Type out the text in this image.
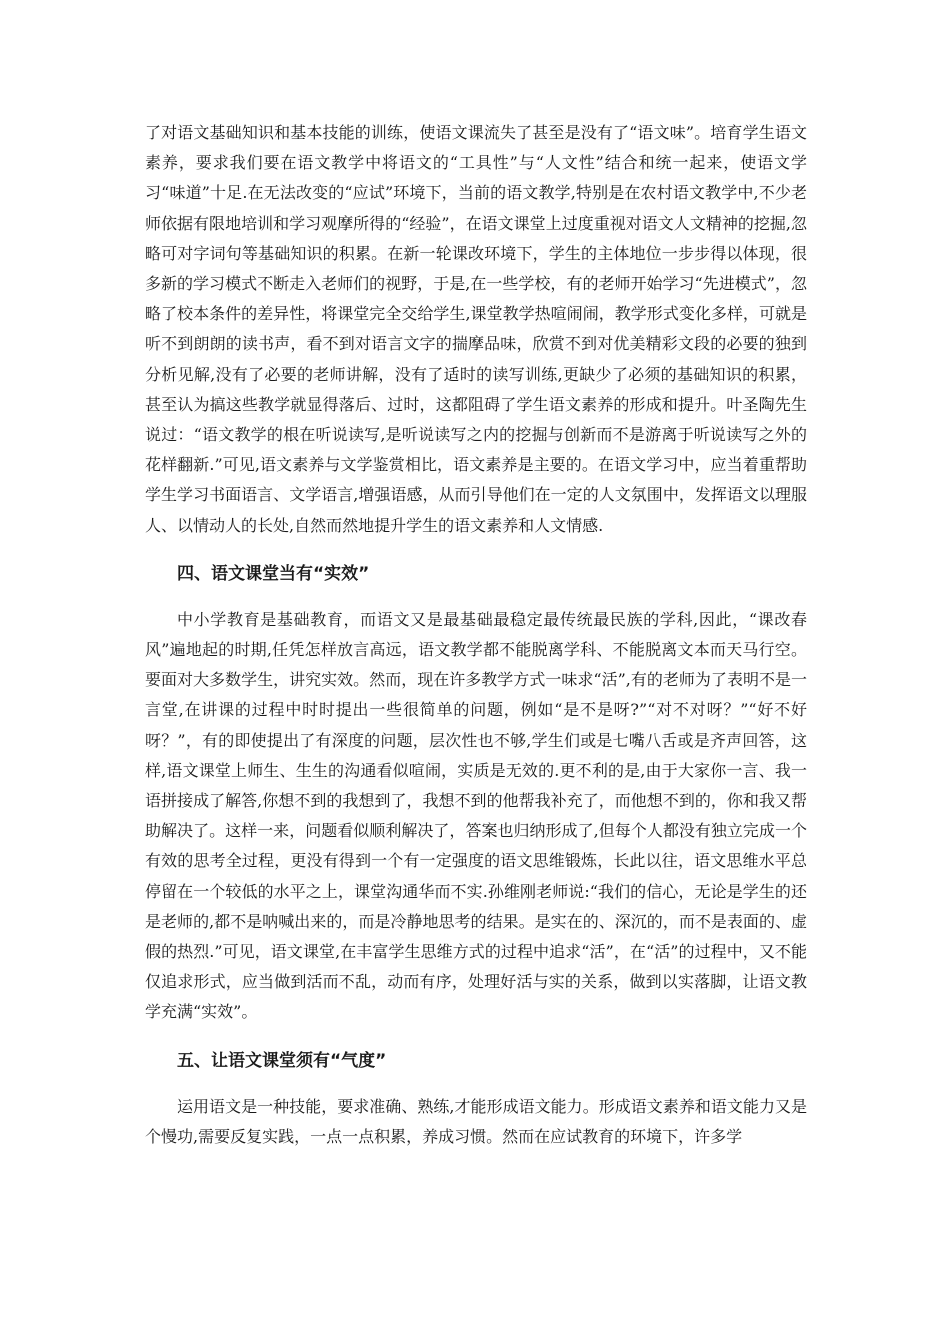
了对语文基础知识和基本技能的训练，使语文课流失了甚至是没有了“语文味”。培育学生语文素养，要求我们要在语文教学中将语文的“工具性”与“人文性”结合和统一起来，使语文学习“味道”十足.在无法改变的“应试”环境下，当前的语文教学,特别是在农村语文教学中,不少老师依据有限地培训和学习观摩所得的“经验”，在语文课堂上过度重视对语文人文精神的挖掘,忽略可对字词句等基础知识的积累。在新一轮课改环境下，学生的主体地位一步步得以体现，很多新的学习模式不断走入老师们的视野，于是,在一些学校，有的老师开始学习“先进模式”，忽略了校本条件的差异性，将课堂完全交给学生,课堂教学热喧闹闹，教学形式变化多样，可就是听不到朗朗的读书声，看不到对语言文字的揣摩品味，欣赏不到对优美精彩文段的必要的独到分析见解,没有了必要的老师讲解，没有了适时的读写训练,更缺少了必须的基础知识的积累，甚至认为搞这些教学就显得落后、过时，这都阻碍了学生语文素养的形成和提升。叶圣陶先生说过：“语文教学的根在听说读写,是听说读写之内的挖掘与创新而不是游离于听说读写之外的花样翻新.”可见,语文素养与文学鉴赏相比，语文素养是主要的。在语文学习中，应当着重帮助学生学习书面语言、文学语言,增强语感，从而引导他们在一定的人文氛围中，发挥语文以理服人、以情动人的长处,自然而然地提升学生的语文素养和人文情感.

四、语文课堂当有“实效”

中小学教育是基础教育，而语文又是最基础最稳定最传统最民族的学科,因此，“课改春风”遍地起的时期,任凭怎样放言高远，语文教学都不能脱离学科、不能脱离文本而天马行空。要面对大多数学生，讲究实效。然而，现在许多教学方式一味求“活”,有的老师为了表明不是一言堂,在讲课的过程中时时提出一些很简单的问题，例如“是不是呀?”“对不对呀？”“好不好呀？”，有的即使提出了有深度的问题，层次性也不够,学生们或是七嘴八舌或是齐声回答，这样,语文课堂上师生、生生的沟通看似喧闹，实质是无效的.更不利的是,由于大家你一言、我一语拼接成了解答,你想不到的我想到了，我想不到的他帮我补充了，而他想不到的，你和我又帮助解决了。这样一来，问题看似顺利解决了，答案也归纳形成了,但每个人都没有独立完成一个有效的思考全过程，更没有得到一个有一定强度的语文思维锻炼，长此以往，语文思维水平总停留在一个较低的水平之上，课堂沟通华而不实.孙维刚老师说:“我们的信心，无论是学生的还是老师的,都不是呐喊出来的，而是冷静地思考的结果。是实在的、深沉的，而不是表面的、虚假的热烈.”可见，语文课堂,在丰富学生思维方式的过程中追求“活”，在“活”的过程中，又不能仅追求形式，应当做到活而不乱，动而有序，处理好活与实的关系，做到以实落脚，让语文教学充满“实效”。

五、让语文课堂须有“气度”

运用语文是一种技能，要求准确、熟练,才能形成语文能力。形成语文素养和语文能力又是个慢功,需要反复实践，一点一点积累，养成习惯。然而在应试教育的环境下，许多学
